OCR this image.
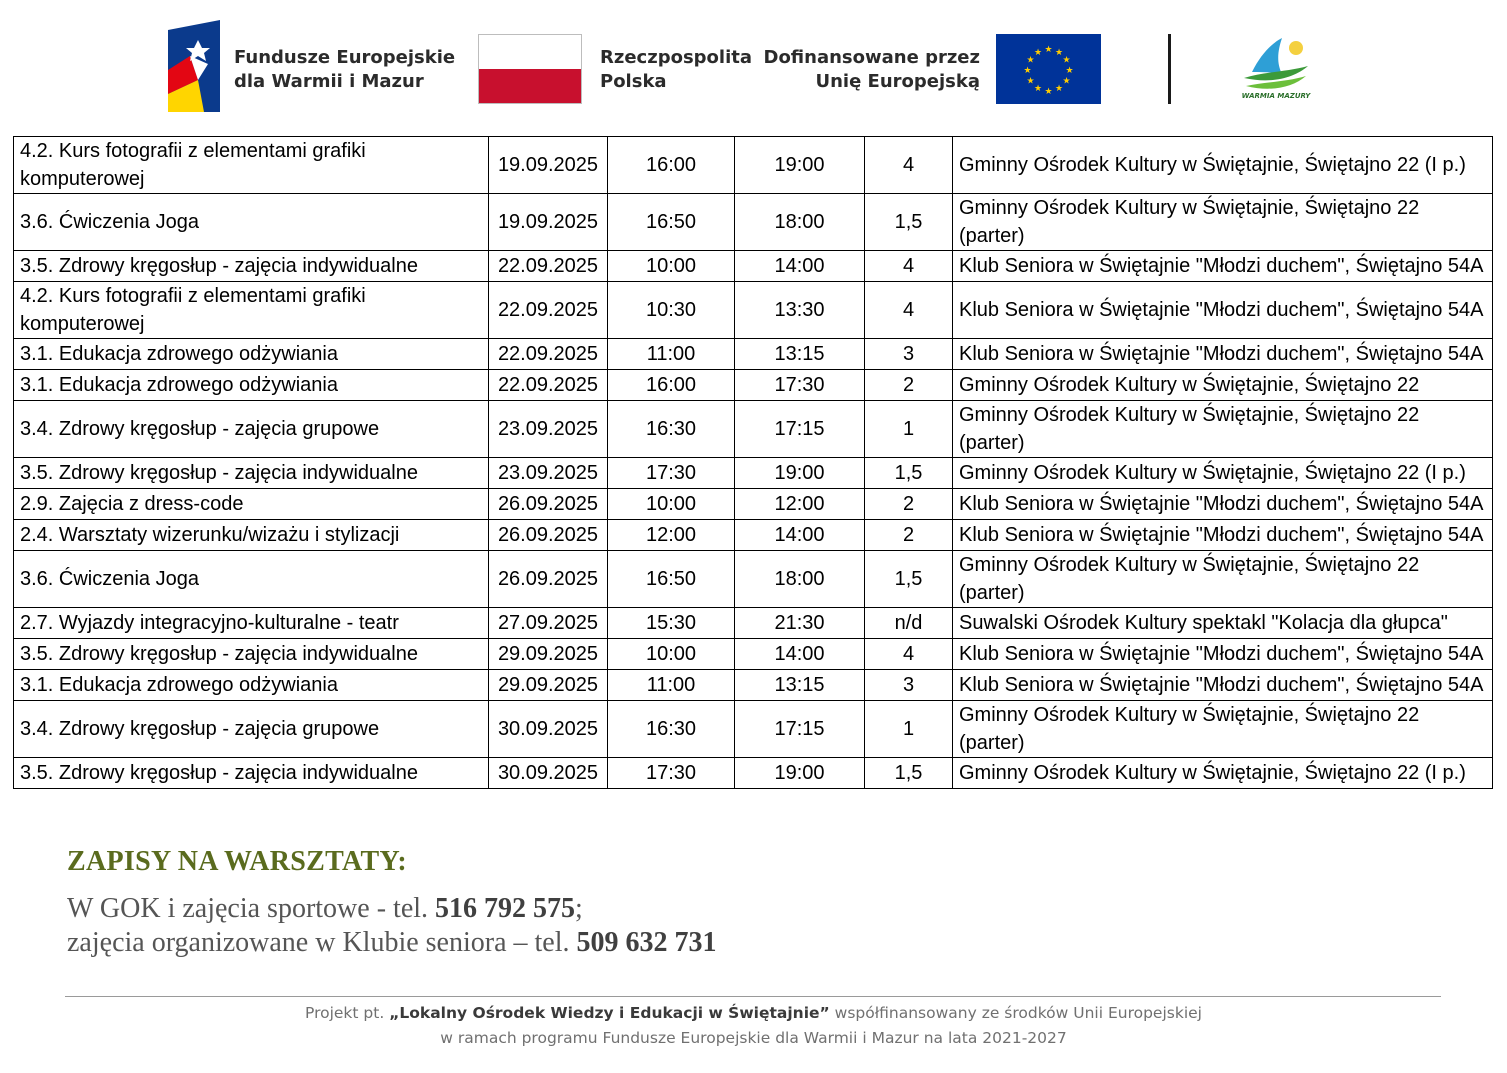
Fundusze Europejskie
dla Warmii i Mazur
Rzeczpospolita
Polska
Dofinansowane przez
Unię Europejską
★ ★
★
★
★
★
★
★
★
★
★
★
WARMIA MAZURY
4.2. Kurs fotografii z elementami grafiki komputerowej	19.09.2025	16:00	19:00	4	Gminny Ośrodek Kultury w Świętajnie, Świętajno 22 (I p.)
3.6. Ćwiczenia Joga	19.09.2025	16:50	18:00	1,5	Gminny Ośrodek Kultury w Świętajnie, Świętajno 22 (parter)
3.5. Zdrowy kręgosłup - zajęcia indywidualne	22.09.2025	10:00	14:00	4	Klub Seniora w Świętajnie "Młodzi duchem", Świętajno 54A
4.2. Kurs fotografii z elementami grafiki komputerowej	22.09.2025	10:30	13:30	4	Klub Seniora w Świętajnie "Młodzi duchem", Świętajno 54A
3.1. Edukacja zdrowego odżywiania	22.09.2025	11:00	13:15	3	Klub Seniora w Świętajnie "Młodzi duchem", Świętajno 54A
3.1. Edukacja zdrowego odżywiania	22.09.2025	16:00	17:30	2	Gminny Ośrodek Kultury w Świętajnie, Świętajno 22
3.4. Zdrowy kręgosłup - zajęcia grupowe	23.09.2025	16:30	17:15	1	Gminny Ośrodek Kultury w Świętajnie, Świętajno 22 (parter)
3.5. Zdrowy kręgosłup - zajęcia indywidualne	23.09.2025	17:30	19:00	1,5	Gminny Ośrodek Kultury w Świętajnie, Świętajno 22 (I p.)
2.9. Zajęcia z dress-code	26.09.2025	10:00	12:00	2	Klub Seniora w Świętajnie "Młodzi duchem", Świętajno 54A
2.4. Warsztaty wizerunku/wizażu i stylizacji	26.09.2025	12:00	14:00	2	Klub Seniora w Świętajnie "Młodzi duchem", Świętajno 54A
3.6. Ćwiczenia Joga	26.09.2025	16:50	18:00	1,5	Gminny Ośrodek Kultury w Świętajnie, Świętajno 22 (parter)
2.7. Wyjazdy integracyjno-kulturalne - teatr	27.09.2025	15:30	21:30	n/d	Suwalski Ośrodek Kultury spektakl "Kolacja dla głupca"
3.5. Zdrowy kręgosłup - zajęcia indywidualne	29.09.2025	10:00	14:00	4	Klub Seniora w Świętajnie "Młodzi duchem", Świętajno 54A
3.1. Edukacja zdrowego odżywiania	29.09.2025	11:00	13:15	3	Klub Seniora w Świętajnie "Młodzi duchem", Świętajno 54A
3.4. Zdrowy kręgosłup - zajęcia grupowe	30.09.2025	16:30	17:15	1	Gminny Ośrodek Kultury w Świętajnie, Świętajno 22 (parter)
3.5. Zdrowy kręgosłup - zajęcia indywidualne	30.09.2025	17:30	19:00	1,5	Gminny Ośrodek Kultury w Świętajnie, Świętajno 22 (I p.)
ZAPISY NA WARSZTATY:
W GOK i zajęcia sportowe - tel. 516 792 575;
zajęcia organizowane w Klubie seniora – tel. 509 632 731
Projekt pt. „Lokalny Ośrodek Wiedzy i Edukacji w Świętajnie” współfinansowany ze środków Unii Europejskiej
w ramach programu Fundusze Europejskie dla Warmii i Mazur na lata 2021-2027
